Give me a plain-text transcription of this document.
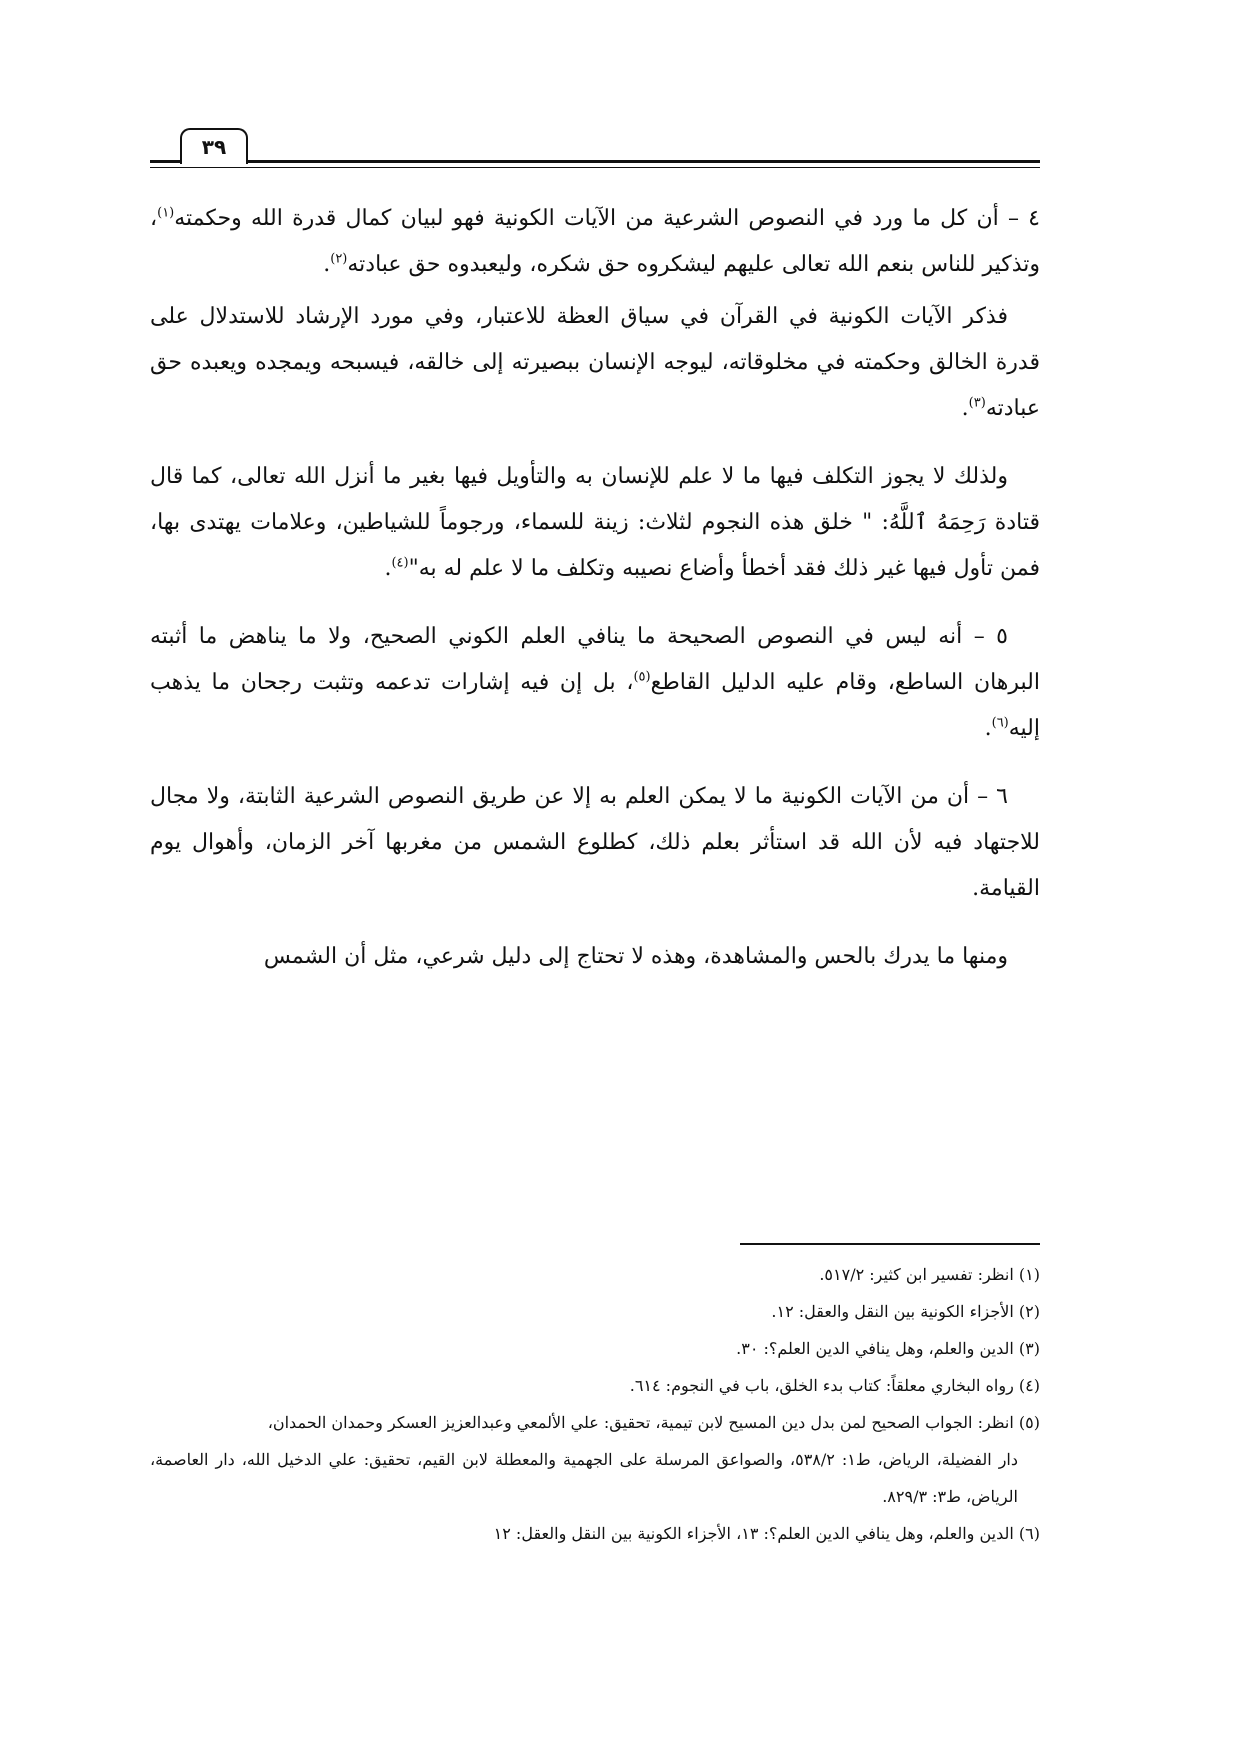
٣٩

٤ – أن كل ما ورد في النصوص الشرعية من الآيات الكونية فهو لبيان كمال قدرة الله وحكمته$^{(١)}$، وتذكير للناس بنعم الله تعالى عليهم ليشكروه حق شكره، وليعبدوه حق عبادته$^{(٢)}$.

فذكر الآيات الكونية في القرآن في سياق العظة للاعتبار، وفي مورد الإرشاد للاستدلال على قدرة الخالق وحكمته في مخلوقاته، ليوجه الإنسان ببصيرته إلى خالقه، فيسبحه ويمجده ويعبده حق عبادته$^{(٣)}$.

ولذلك لا يجوز التكلف فيها ما لا علم للإنسان به والتأويل فيها بغير ما أنزل الله تعالى، كما قال قتادة رَحِمَهُ ٱللَّهُ: " خلق هذه النجوم لثلاث: زينة للسماء، ورجوماً للشياطين، وعلامات يهتدى بها، فمن تأول فيها غير ذلك فقد أخطأ وأضاع نصيبه وتكلف ما لا علم له به"$^{(٤)}$.

٥ – أنه ليس في النصوص الصحيحة ما ينافي العلم الكوني الصحيح، ولا ما يناهض ما أثبته البرهان الساطع، وقام عليه الدليل القاطع$^{(٥)}$، بل إن فيه إشارات تدعمه وتثبت رجحان ما يذهب إليه$^{(٦)}$.

٦ – أن من الآيات الكونية ما لا يمكن العلم به إلا عن طريق النصوص الشرعية الثابتة، ولا مجال للاجتهاد فيه لأن الله قد استأثر بعلم ذلك، كطلوع الشمس من مغربها آخر الزمان، وأهوال يوم القيامة.

ومنها ما يدرك بالحس والمشاهدة، وهذه لا تحتاج إلى دليل شرعي، مثل أن الشمس

(١) انظر: تفسير ابن كثير: ٥١٧/٢.

(٢) الأجزاء الكونية بين النقل والعقل: ١٢.

(٣) الدين والعلم، وهل ينافي الدين العلم؟: ٣٠.

(٤) رواه البخاري معلقاً: كتاب بدء الخلق، باب في النجوم: ٦١٤.

(٥) انظر: الجواب الصحيح لمن بدل دين المسيح لابن تيمية، تحقيق: علي الألمعي وعبدالعزيز العسكر وحمدان الحمدان،
دار الفضيلة، الرياض، ط١: ٥٣٨/٢، والصواعق المرسلة على الجهمية والمعطلة لابن القيم، تحقيق: علي الدخيل الله، دار العاصمة، الرياض، ط٣: ٨٢٩/٣.

(٦) الدين والعلم، وهل ينافي الدين العلم؟: ١٣، الأجزاء الكونية بين النقل والعقل: ١٢
